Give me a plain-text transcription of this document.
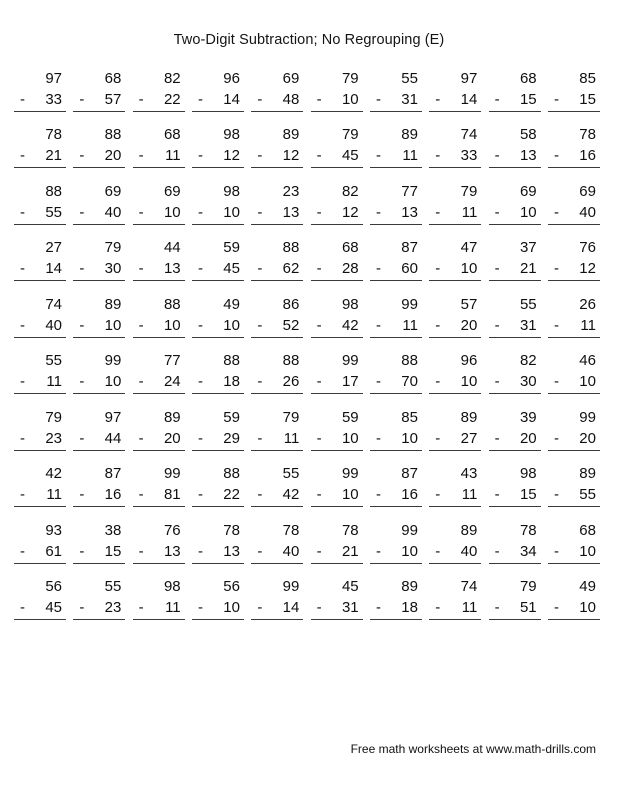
Two-Digit Subtraction; No Regrouping (E)
97
- 33
68
- 57
82
- 22
96
- 14
69
- 48
79
- 10
55
- 31
97
- 14
68
- 15
85
- 15
78
- 21
88
- 20
68
- 11
98
- 12
89
- 12
79
- 45
89
- 11
74
- 33
58
- 13
78
- 16
88
- 55
69
- 40
69
- 10
98
- 10
23
- 13
82
- 12
77
- 13
79
- 11
69
- 10
69
- 40
27
- 14
79
- 30
44
- 13
59
- 45
88
- 62
68
- 28
87
- 60
47
- 10
37
- 21
76
- 12
74
- 40
89
- 10
88
- 10
49
- 10
86
- 52
98
- 42
99
- 11
57
- 20
55
- 31
26
- 11
55
- 11
99
- 10
77
- 24
88
- 18
88
- 26
99
- 17
88
- 70
96
- 10
82
- 30
46
- 10
79
- 23
97
- 44
89
- 20
59
- 29
79
- 11
59
- 10
85
- 10
89
- 27
39
- 20
99
- 20
42
- 11
87
- 16
99
- 81
88
- 22
55
- 42
99
- 10
87
- 16
43
- 11
98
- 15
89
- 55
93
- 61
38
- 15
76
- 13
78
- 13
78
- 40
78
- 21
99
- 10
89
- 40
78
- 34
68
- 10
56
- 45
55
- 23
98
- 11
56
- 10
99
- 14
45
- 31
89
- 18
74
- 11
79
- 51
49
- 10
Free math worksheets at www.math-drills.com
